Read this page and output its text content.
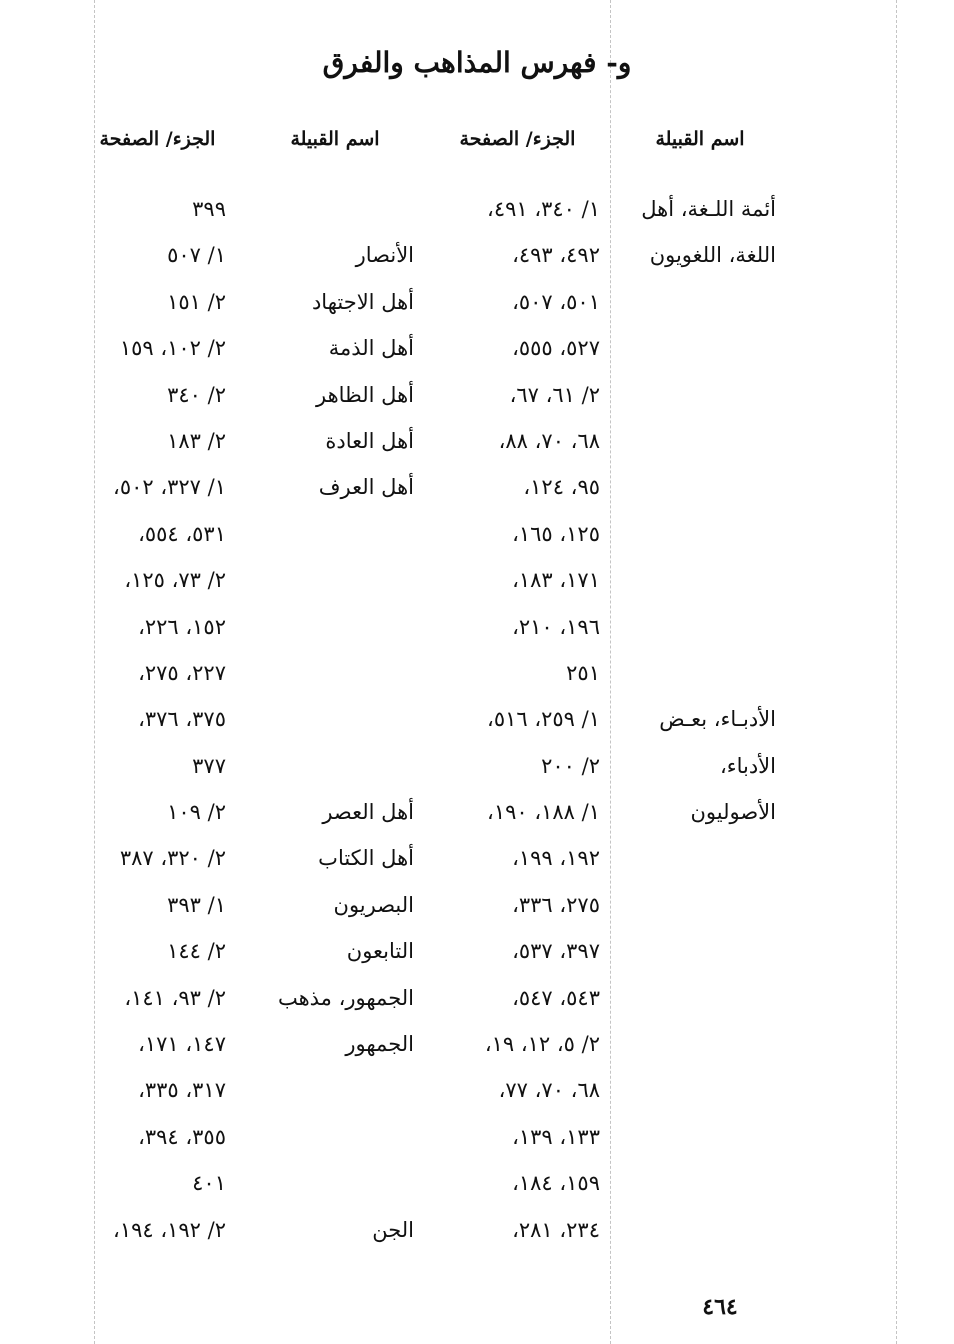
و- فهرس المذاهب والفرق
اسم القبيلة
الجزء/ الصفحة
اسم القبيلة
الجزء/ الصفحة
أئمة اللـغة، أهل
١/ ٣٤٠، ٤٩١،
٣٩٩
اللغة، اللغويون
٤٩٢، ٤٩٣،
الأنصار
١/ ٥٠٧
٥٠١، ٥٠٧،
أهل الاجتهاد
٢/ ١٥١
٥٢٧، ٥٥٥،
أهل الذمة
٢/ ١٠٢، ١٥٩
٢/ ٦١، ٦٧،
أهل الظاهر
٢/ ٣٤٠
٦٨، ٧٠، ٨٨،
أهل العادة
٢/ ١٨٣
٩٥، ١٢٤،
أهل العرف
١/ ٣٢٧، ٥٠٢،
١٢٥، ١٦٥،
٥٣١، ٥٥٤،
١٧١، ١٨٣،
٢/ ٧٣، ١٢٥،
١٩٦، ٢١٠،
١٥٢، ٢٢٦،
٢٥١
٢٢٧، ٢٧٥،
الأدبـاء، بعـض
١/ ٢٥٩، ٥١٦،
٣٧٥، ٣٧٦،
الأدباء،
٢/ ٢٠٠
٣٧٧
الأصوليون
١/ ١٨٨، ١٩٠،
أهل العصر
٢/ ١٠٩
١٩٢، ١٩٩،
أهل الكتاب
٢/ ٣٢٠، ٣٨٧
٢٧٥، ٣٣٦،
البصريون
١/ ٣٩٣
٣٩٧، ٥٣٧،
التابعون
٢/ ١٤٤
٥٤٣، ٥٤٧،
الجمهور، مذهب
٢/ ٩٣، ١٤١،
٢/ ٥، ١٢، ١٩،
الجمهور
١٤٧، ١٧١،
٦٨، ٧٠، ٧٧،
٣١٧، ٣٣٥،
١٣٣، ١٣٩،
٣٥٥، ٣٩٤،
١٥٩، ١٨٤،
٤٠١
٢٣٤، ٢٨١،
الجن
٢/ ١٩٢، ١٩٤،
٤٦٤
